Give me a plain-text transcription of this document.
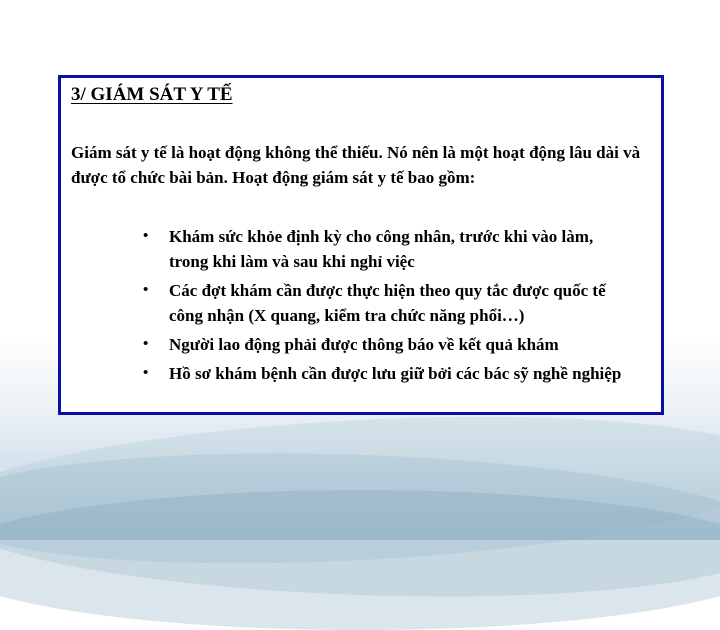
3/ GIÁM SÁT Y TẾ
Giám sát y tế là hoạt động không thể thiếu. Nó nên là một hoạt động lâu dài và được tổ chức bài bản. Hoạt động giám sát y tế bao gồm:
• Khám sức khỏe định kỳ cho công nhân, trước khi vào làm, trong khi làm và sau khi nghỉ việc
• Các đợt khám cần được thực hiện theo quy tắc được quốc tế công nhận (X quang, kiểm tra chức năng phổi…)
• Người lao động phải được thông báo về kết quả khám
• Hồ sơ khám bệnh cần được lưu giữ bởi các bác sỹ nghề nghiệp
